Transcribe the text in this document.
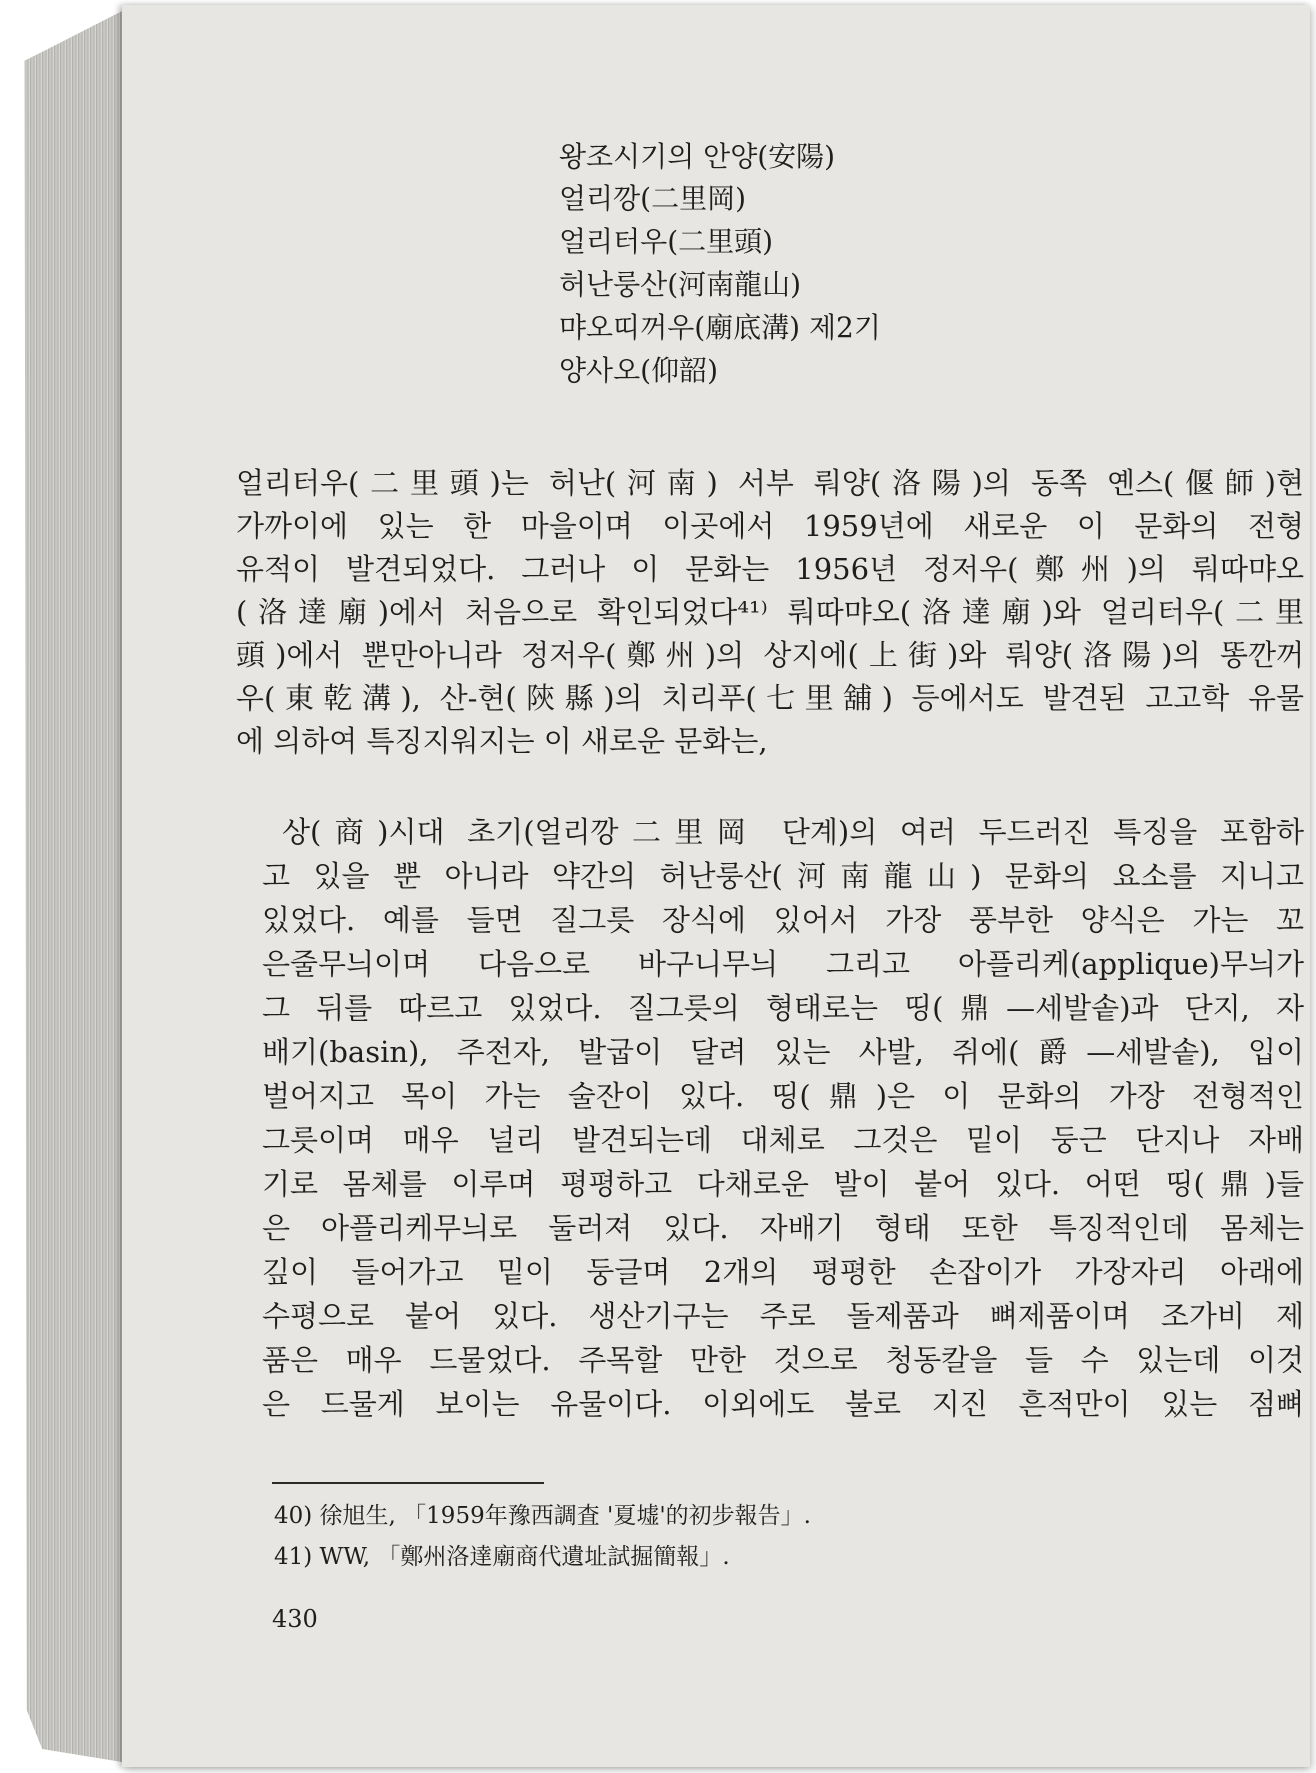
왕조시기의 안양(安陽)
얼리깡(二里岡)
얼리터우(二里頭)
허난룽산(河南龍山)
먀오띠꺼우(廟底溝) 제2기
양사오(仰韶)
얼리터우(二里頭)는 허난(河南) 서부 뤄양(洛陽)의 동쪽 옌스(偃師)현
가까이에 있는 한 마을이며 이곳에서 1959년에 새로운 이 문화의 전형
유적이 발견되었다. 그러나 이 문화는 1956년 정저우(鄭州)의 뤄따먀오
(洛達廟)에서 처음으로 확인되었다⁴¹⁾ 뤄따먀오(洛達廟)와 얼리터우(二里
頭)에서 뿐만아니라 정저우(鄭州)의 상지에(上街)와 뤄양(洛陽)의 똥깐꺼
우(東乾溝), 산-현(陝縣)의 치리푸(七里舖) 등에서도 발견된 고고학 유물
에 의하여 특징지워지는 이 새로운 문화는,
상(商)시대 초기(얼리깡二里岡 단계)의 여러 두드러진 특징을 포함하
고 있을 뿐 아니라 약간의 허난룽산(河南龍山) 문화의 요소를 지니고
있었다. 예를 들면 질그릇 장식에 있어서 가장 풍부한 양식은 가는 꼬
은줄무늬이며 다음으로 바구니무늬 그리고 아플리케(applique)무늬가
그 뒤를 따르고 있었다. 질그릇의 형태로는 띵(鼎—세발솥)과 단지, 자
배기(basin), 주전자, 발굽이 달려 있는 사발, 쥐에(爵—세발솥), 입이
벌어지고 목이 가는 술잔이 있다. 띵(鼎)은 이 문화의 가장 전형적인
그릇이며 매우 널리 발견되는데 대체로 그것은 밑이 둥근 단지나 자배
기로 몸체를 이루며 평평하고 다채로운 발이 붙어 있다. 어떤 띵(鼎)들
은 아플리케무늬로 둘러져 있다. 자배기 형태 또한 특징적인데 몸체는
깊이 들어가고 밑이 둥글며 2개의 평평한 손잡이가 가장자리 아래에
수평으로 붙어 있다. 생산기구는 주로 돌제품과 뼈제품이며 조가비 제
품은 매우 드물었다. 주목할 만한 것으로 청동칼을 들 수 있는데 이것
은 드물게 보이는 유물이다. 이외에도 불로 지진 흔적만이 있는 점뼈
40) 徐旭生, 「1959年豫西調査 '夏墟'的初步報告」.
41) WW, 「鄭州洛達廟商代遺址試掘簡報」.
430
